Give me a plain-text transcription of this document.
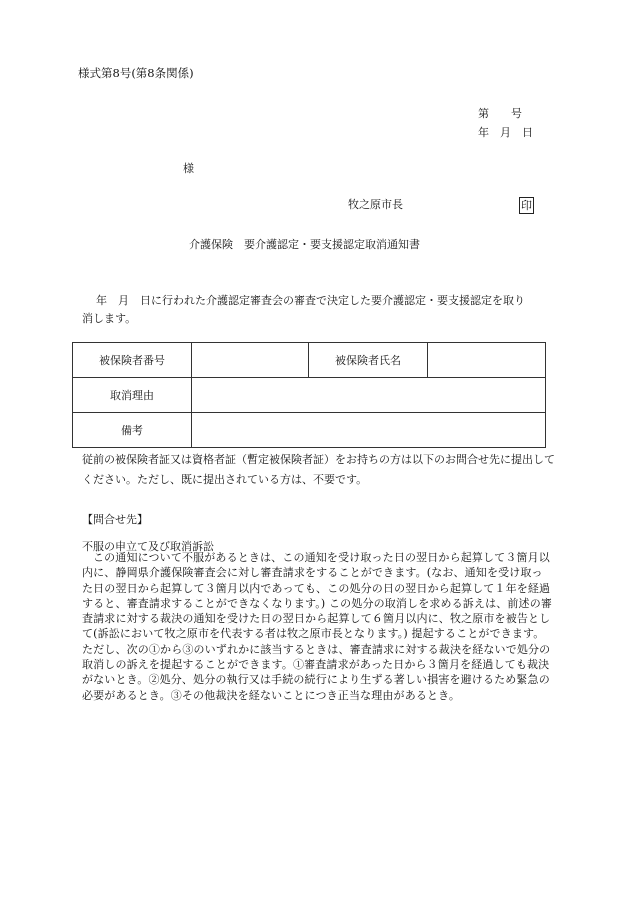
様式第8号(第8条関係)
第　　号
年　月　日
様
牧之原市長	印
介護保険　要介護認定・要支援認定取消通知書
年　月　日に行われた介護認定審査会の審査で決定した要介護認定・要支援認定を取り
消します。
被保険者番号		被保険者氏名	
取消理由			
備考			
従前の被保険者証又は資格者証（暫定被保険者証）をお持ちの方は以下のお問合せ先に提出してください。ただし、既に提出されている方は、不要です。
【問合せ先】
不服の申立て及び取消訴訟
この通知について不服があるときは、この通知を受け取った日の翌日から起算して３箇月以内に、静岡県介護保険審査会に対し審査請求をすることができます。(なお、通知を受け取った日の翌日から起算して３箇月以内であっても、この処分の日の翌日から起算して１年を経過すると、審査請求することができなくなります。) この処分の取消しを求める訴えは、前述の審査請求に対する裁決の通知を受けた日の翌日から起算して６箇月以内に、牧之原市を被告として(訴訟において牧之原市を代表する者は牧之原市長となります。) 提起することができます。ただし、次の①から③のいずれかに該当するときは、審査請求に対する裁決を経ないで処分の取消しの訴えを提起することができます。①審査請求があった日から３箇月を経過しても裁決がないとき。②処分、処分の執行又は手続の続行により生ずる著しい損害を避けるため緊急の必要があるとき。③その他裁決を経ないことにつき正当な理由があるとき。
